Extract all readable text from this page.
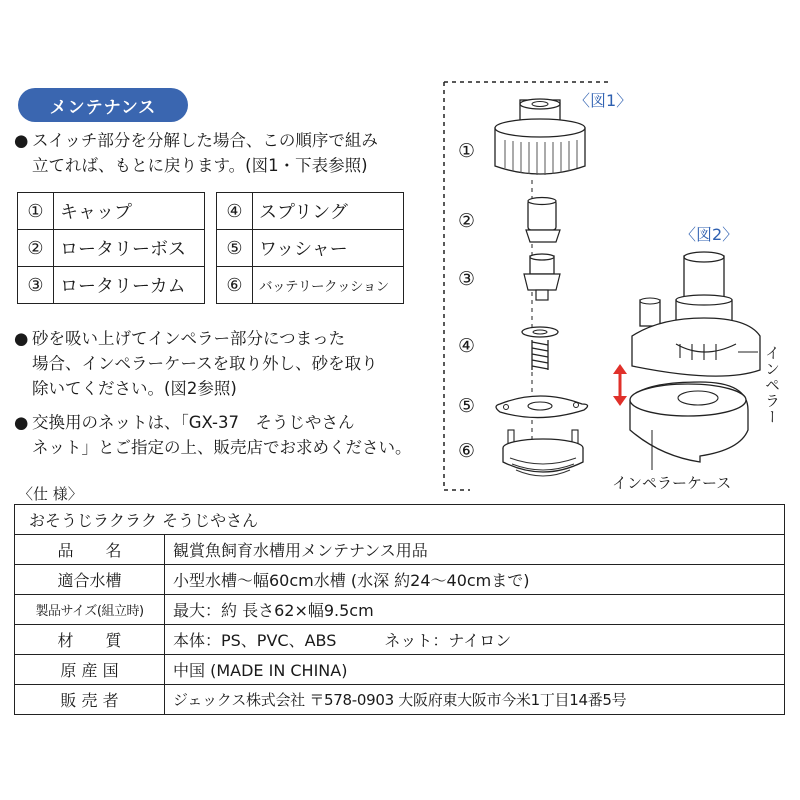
メンテナンス
● スイッチ部分を分解した場合、この順序で組み
立てれば、もとに戻ります。(図1・下表参照)
①	キャップ
②	ロータリーボス
③	ロータリーカム
④	スプリング
⑤	ワッシャー
⑥	バッテリークッション
● 砂を吸い上げてインペラー部分につまった
場合、インペラーケースを取り外し、砂を取り
除いてください。(図2参照)
● 交換用のネットは、「GX-37　そうじやさん
ネット」とご指定の上、販売店でお求めください。
〈図1〉
〈図2〉
①
②
③
④
⑤
⑥
インペラー
インペラーケース
〈仕 様〉
おそうじラクラク そうじやさん	
品　　名	観賞魚飼育水槽用メンテナンス用品
適合水槽	小型水槽～幅60cm水槽 (水深 約24～40cmまで)
製品サイズ(組立時)	最大：約 長さ62×幅9.5cm
材　　質	本体：PS、PVC、ABS　　　ネット：ナイロン
原 産 国	中国 (MADE IN CHINA)
販 売 者	ジェックス株式会社 〒578-0903 大阪府東大阪市今米1丁目14番5号
